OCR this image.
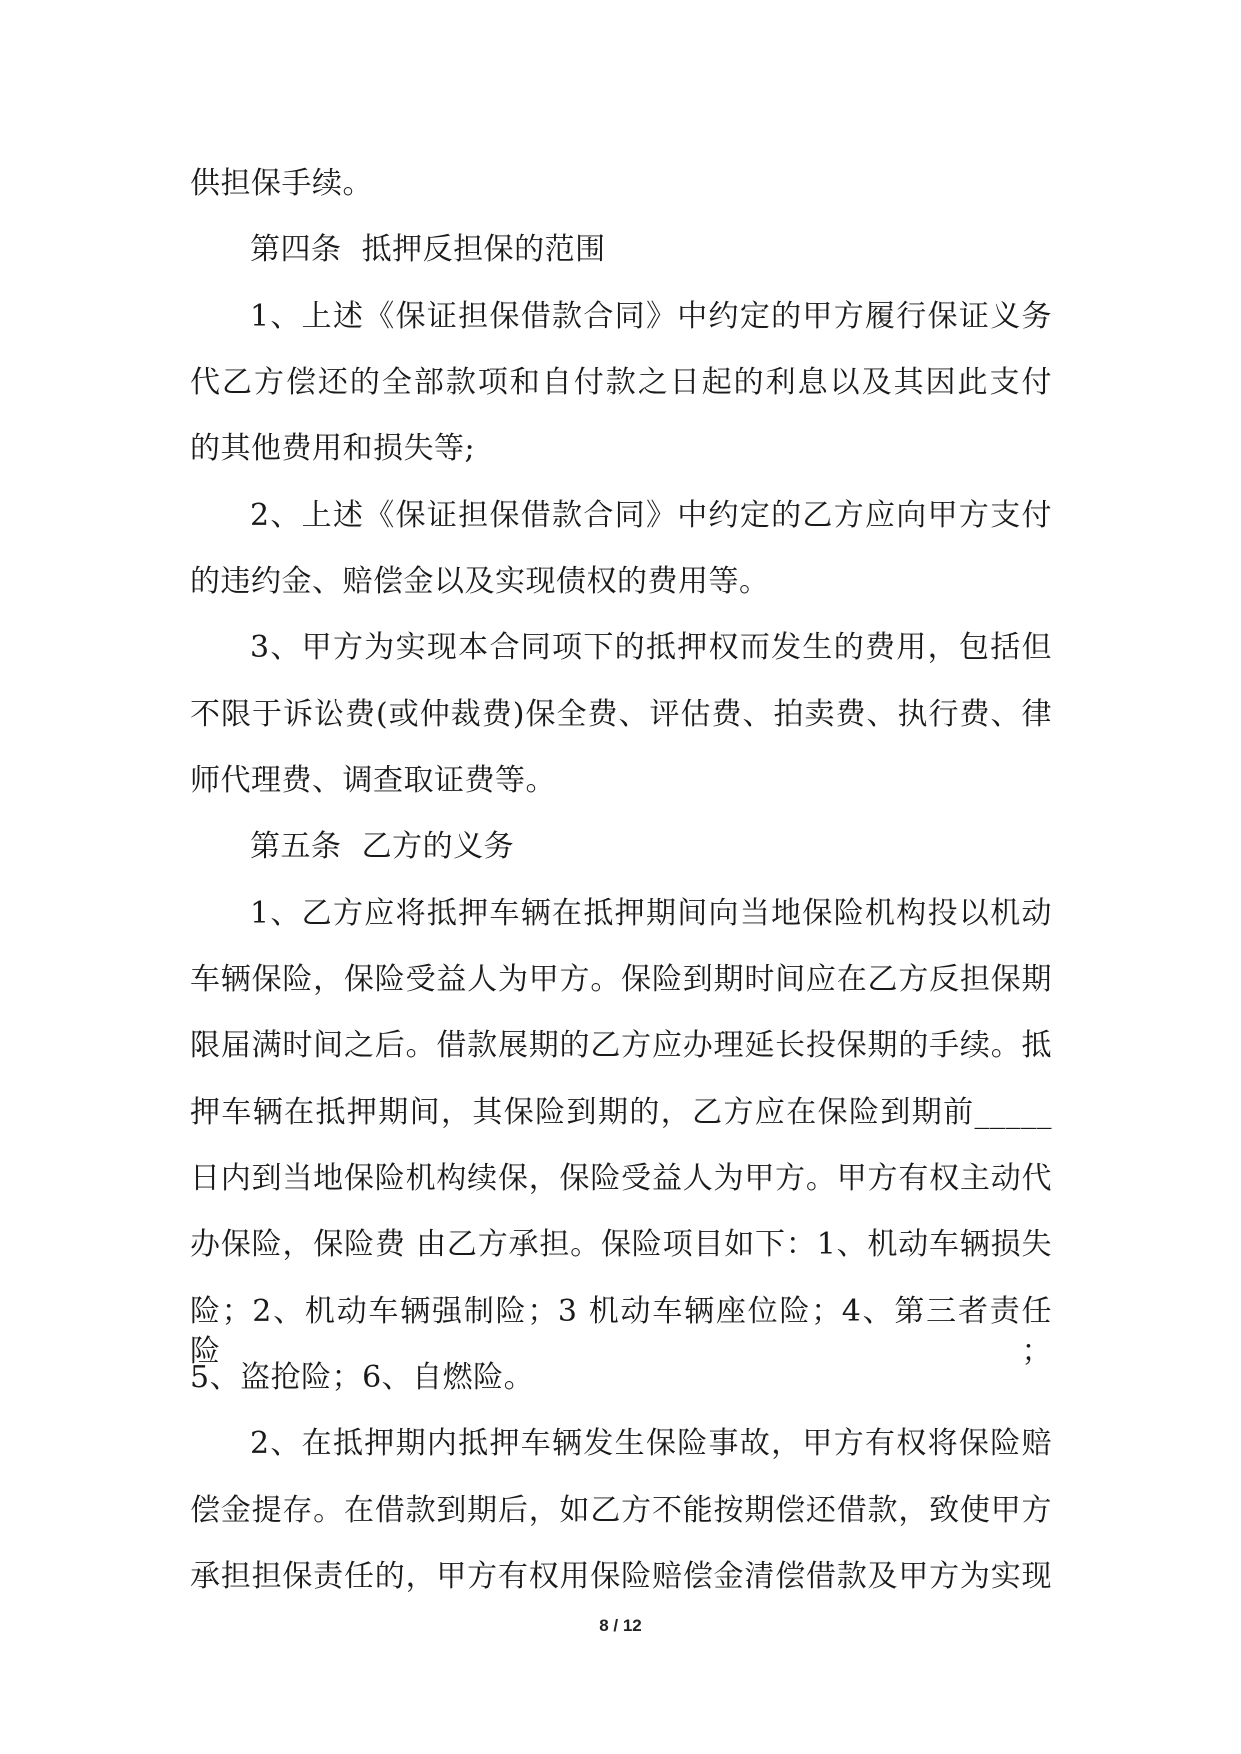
供担保手续。
第四条  抵押反担保的范围
1、上述《保证担保借款合同》中约定的甲方履行保证义务
代乙方偿还的全部款项和自付款之日起的利息以及其因此支付
的其他费用和损失等;
2、上述《保证担保借款合同》中约定的乙方应向甲方支付
的违约金、赔偿金以及实现债权的费用等。
3、甲方为实现本合同项下的抵押权而发生的费用，包括但
不限于诉讼费(或仲裁费)保全费、评估费、拍卖费、执行费、律
师代理费、调查取证费等。
第五条  乙方的义务
1、乙方应将抵押车辆在抵押期间向当地保险机构投以机动
车辆保险，保险受益人为甲方。保险到期时间应在乙方反担保期
限届满时间之后。借款展期的乙方应办理延长投保期的手续。抵
押车辆在抵押期间，其保险到期的，乙方应在保险到期前_____
日内到当地保险机构续保，保险受益人为甲方。甲方有权主动代
办保险，保险费 由乙方承担。保险项目如下：1、机动车辆损失
险；2、机动车辆强制险；3 机动车辆座位险；4、第三者责任险；
5、盗抢险；6、自燃险。
2、在抵押期内抵押车辆发生保险事故，甲方有权将保险赔
偿金提存。在借款到期后，如乙方不能按期偿还借款，致使甲方
承担担保责任的，甲方有权用保险赔偿金清偿借款及甲方为实现
8 / 12
